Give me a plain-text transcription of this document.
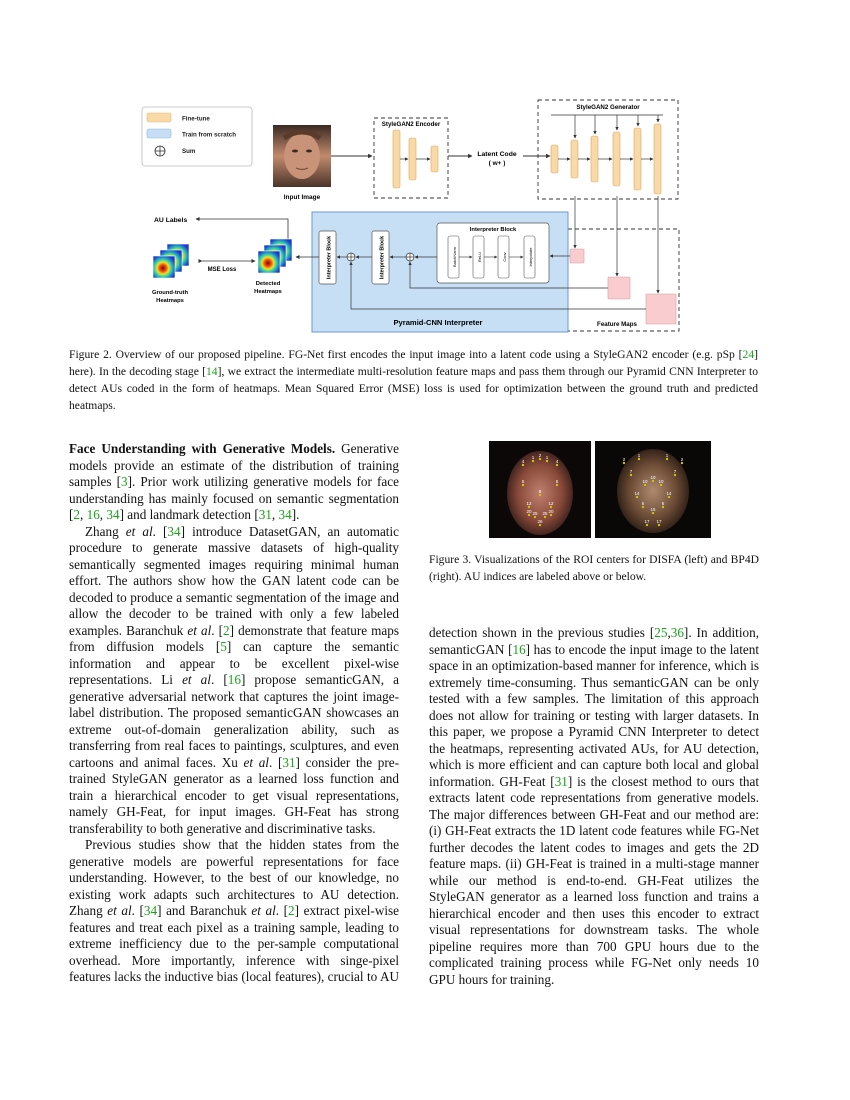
Fine-tune
Train from scratch
Sum
Input Image
StyleGAN2 Encoder
Latent Code
( w+ )
StyleGAN2 Generator
Feature Maps
Pyramid-CNN Interpreter
Interpreter Block	Interpreter Block
Interpreter Block
BatchNorm	ReLU	Conv	Interpolate
AU Labels
Detected
Heatmaps
MSE Loss
Ground-truth
Heatmaps
Figure 2. Overview of our proposed pipeline. FG-Net first encodes the input image into a latent code using a StyleGAN2 encoder (e.g. pSp [24] here). In the decoding stage [14], we extract the intermediate multi-resolution feature maps and pass them through our Pyramid CNN Interpreter to detect AUs coded in the form of heatmaps. Mean Squared Error (MSE) loss is used for optimization between the ground truth and predicted heatmaps.
4
1 2 1
4
6	6
9
12	12
25 25
26
20	20
2
1	1
2
7	7
10
10
10
14	14
6	6
15
17 17
Figure 3. Visualizations of the ROI centers for DISFA (left) and BP4D (right). AU indices are labeled above or below.

Face Understanding with Generative Models. Generative models provide an estimate of the distribution of training samples [3]. Prior work utilizing generative models for face understanding has mainly focused on semantic segmentation [2, 16, 34] and landmark detection [31, 34].

Zhang et al. [34] introduce DatasetGAN, an automatic procedure to generate massive datasets of high-quality semantically segmented images requiring minimal human effort. The authors show how the GAN latent code can be decoded to produce a semantic segmentation of the image and allow the decoder to be trained with only a few labeled examples. Baranchuk et al. [2] demonstrate that feature maps from diffusion models [5] can capture the semantic information and appear to be excellent pixel-wise representations. Li et al. [16] propose semanticGAN, a generative adversarial network that captures the joint image-label distribution. The proposed semanticGAN showcases an extreme out-of-domain generalization ability, such as transferring from real faces to paintings, sculptures, and even cartoons and animal faces. Xu et al. [31] consider the pre-trained StyleGAN generator as a learned loss function and train a hierarchical encoder to get visual representations, namely GH-Feat, for input images. GH-Feat has strong transferability to both generative and discriminative tasks.

Previous studies show that the hidden states from the generative models are powerful representations for face understanding. However, to the best of our knowledge, no existing work adapts such architectures to AU detection. Zhang et al. [34] and Baranchuk et al. [2] extract pixel-wise features and treat each pixel as a training sample, leading to extreme inefficiency due to the per-sample computational overhead. More importantly, inference with singe-pixel features lacks the inductive bias (local features), crucial to AU

detection shown in the previous studies [25,36]. In addition, semanticGAN [16] has to encode the input image to the latent space in an optimization-based manner for inference, which is extremely time-consuming. Thus semanticGAN can be only tested with a few samples. The limitation of this approach does not allow for training or testing with larger datasets. In this paper, we propose a Pyramid CNN Interpreter to detect the heatmaps, representing activated AUs, for AU detection, which is more efficient and can capture both local and global information. GH-Feat [31] is the closest method to ours that extracts latent code representations from generative models. The major differences between GH-Feat and our method are: (i) GH-Feat extracts the 1D latent code features while FG-Net further decodes the latent codes to images and gets the 2D feature maps. (ii) GH-Feat is trained in a multi-stage manner while our method is end-to-end. GH-Feat utilizes the StyleGAN generator as a learned loss function and trains a hierarchical encoder and then uses this encoder to extract visual representations for downstream tasks. The whole pipeline requires more than 700 GPU hours due to the complicated training process while FG-Net only needs 10 GPU hours for training.
